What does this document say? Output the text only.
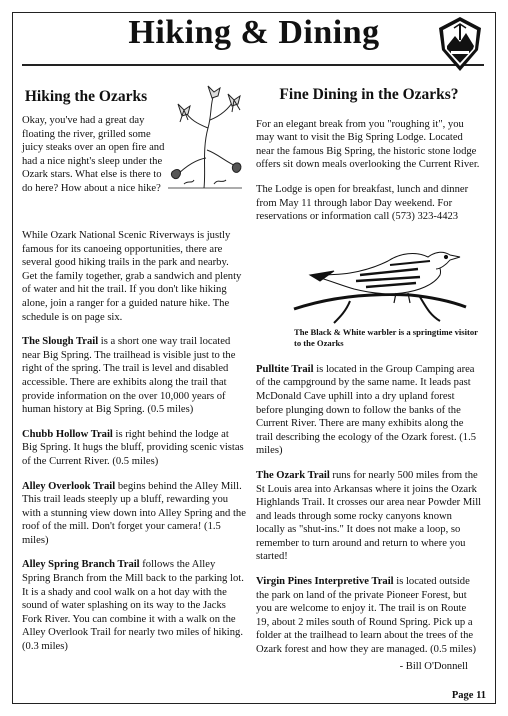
Hiking & Dining
Hiking the Ozarks
Okay, you've had a great day floating the river, grilled some juicy steaks over an open fire and had a nice night's sleep under the Ozark stars. What else is there to do here? How about a nice hike?

While Ozark National Scenic Riverways is justly famous for its canoeing opportunities, there are several good hiking trails in the park and nearby. Get the family together, grab a sandwich and plenty of water and hit the trail. If you don't like hiking alone, join a ranger for a guided nature hike. The schedule is on page six.

The Slough Trail is a short one way trail located near Big Spring. The trailhead is visible just to the right of the spring. The trail is level and disabled accessible. There are exhibits along the trail that provide information on the over 10,000 years of human history at Big Spring. (0.5 miles)

Chubb Hollow Trail is right behind the lodge at Big Spring. It hugs the bluff, providing scenic vistas of the Current River. (0.5 miles)

Alley Overlook Trail begins behind the Alley Mill. This trail leads steeply up a bluff, rewarding you with a stunning view down into Alley Spring and the roof of the mill. Don't forget your camera! (1.5 miles)

Alley Spring Branch Trail follows the Alley Spring Branch from the Mill back to the parking lot. It is a shady and cool walk on a hot day with the sound of water splashing on its way to the Jacks Fork River. You can combine it with a walk on the Alley Overlook Trail for nearly two miles of hiking. (0.3 miles)

Fine Dining in the Ozarks?

For an elegant break from you "roughing it", you may want to visit the Big Spring Lodge. Located near the famous Big Spring, the historic stone lodge offers sit down meals overlooking the Current River.

The Lodge is open for breakfast, lunch and dinner from May 11 through labor Day weekend. For reservations or information call (573) 323-4423

The Black & White warbler is a springtime visitor to the Ozarks

Pulltite Trail is located in the Group Camping area of the campground by the same name. It leads past McDonald Cave uphill into a dry upland forest before plunging down to follow the banks of the Current River. There are many exhibits along the trail describing the ecology of the Ozark forest. (1.5 miles)

The Ozark Trail runs for nearly 500 miles from the St Louis area into Arkansas where it joins the Ozark Highlands Trail. It crosses our area near Powder Mill and leads through some rocky canyons known locally as "shut-ins." It does not make a loop, so remember to turn around and return to where you started!

Virgin Pines Interpretive Trail is located outside the park on land of the private Pioneer Forest, but you are welcome to enjoy it. The trail is on Route 19, about 2 miles south of Round Spring. Pick up a folder at the trailhead to learn about the trees of the Ozark forest and how they are managed. (0.5 miles)

- Bill O'Donnell
Page 11
